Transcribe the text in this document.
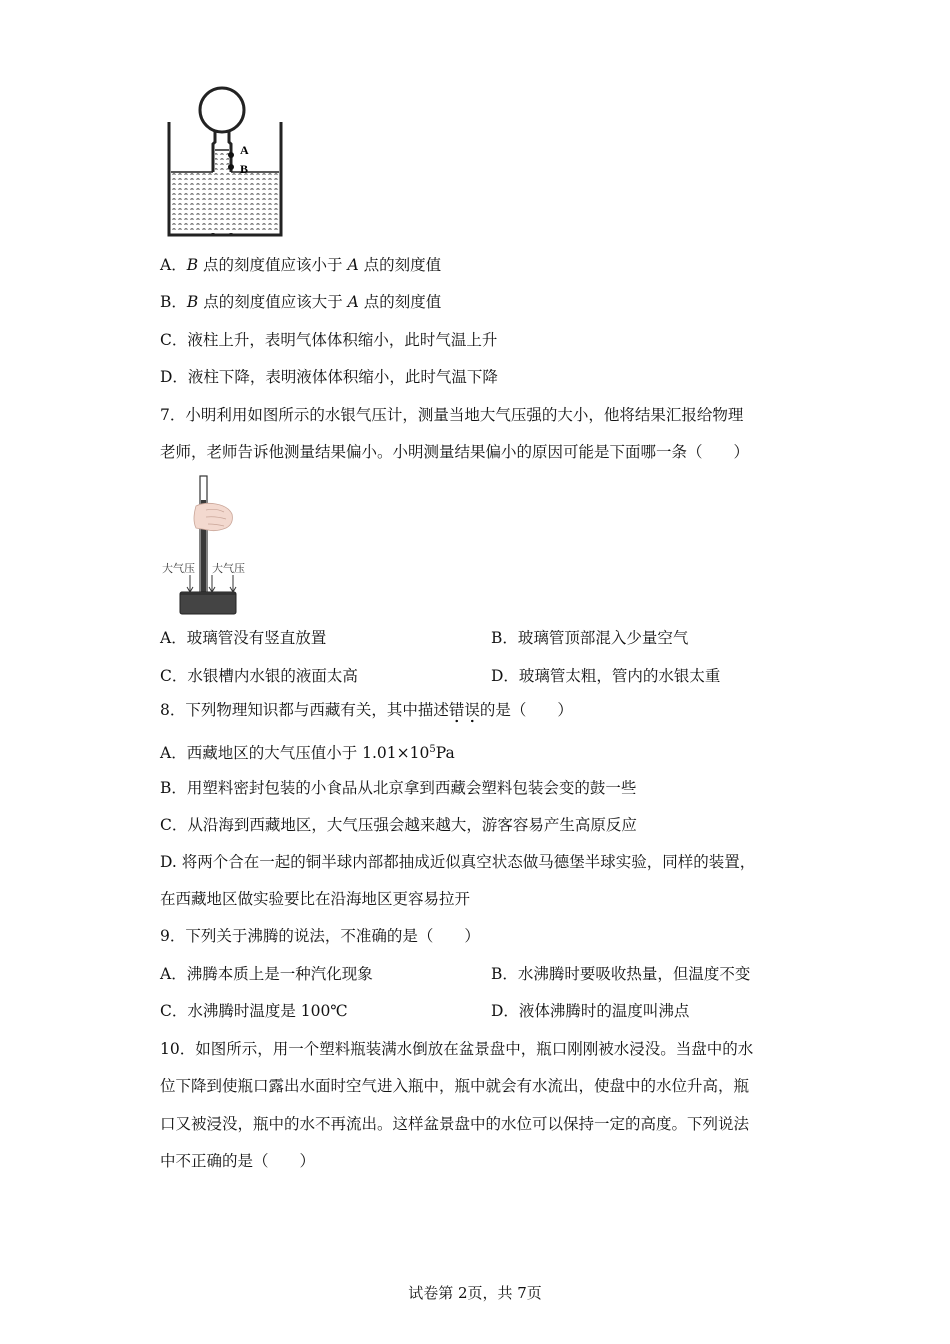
A
B
A．B 点的刻度值应该小于 A 点的刻度值
B．B 点的刻度值应该大于 A 点的刻度值
C．液柱上升，表明气体体积缩小，此时气温上升
D．液柱下降，表明液体体积缩小，此时气温下降
7．小明利用如图所示的水银气压计，测量当地大气压强的大小，他将结果汇报给物理
老师，老师告诉他测量结果偏小。小明测量结果偏小的原因可能是下面哪一条（　　）
大气压 大气压
A．玻璃管没有竖直放置	B．玻璃管顶部混入少量空气
C．水银槽内水银的液面太高	D．玻璃管太粗，管内的水银太重
8．下列物理知识都与西藏有关，其中描述错误的是（　　）
A．西藏地区的大气压值小于 $1.01\times 10^5Pa$
B．用塑料密封包装的小食品从北京拿到西藏会塑料包装会变的鼓一些
C．从沿海到西藏地区，大气压强会越来越大，游客容易产生高原反应
D. 将两个合在一起的铜半球内部都抽成近似真空状态做马德堡半球实验，同样的装置，
在西藏地区做实验要比在沿海地区更容易拉开
9．下列关于沸腾的说法，不准确的是（　　）
A．沸腾本质上是一种汽化现象	B．水沸腾时要吸收热量，但温度不变
C．水沸腾时温度是 100℃	D．液体沸腾时的温度叫沸点
10．如图所示，用一个塑料瓶装满水倒放在盆景盘中，瓶口刚刚被水浸没。当盘中的水
位下降到使瓶口露出水面时空气进入瓶中，瓶中就会有水流出，使盘中的水位升高，瓶
口又被浸没，瓶中的水不再流出。这样盆景盘中的水位可以保持一定的高度。下列说法
中不正确的是（　　）
试卷第 2页，共 7页
